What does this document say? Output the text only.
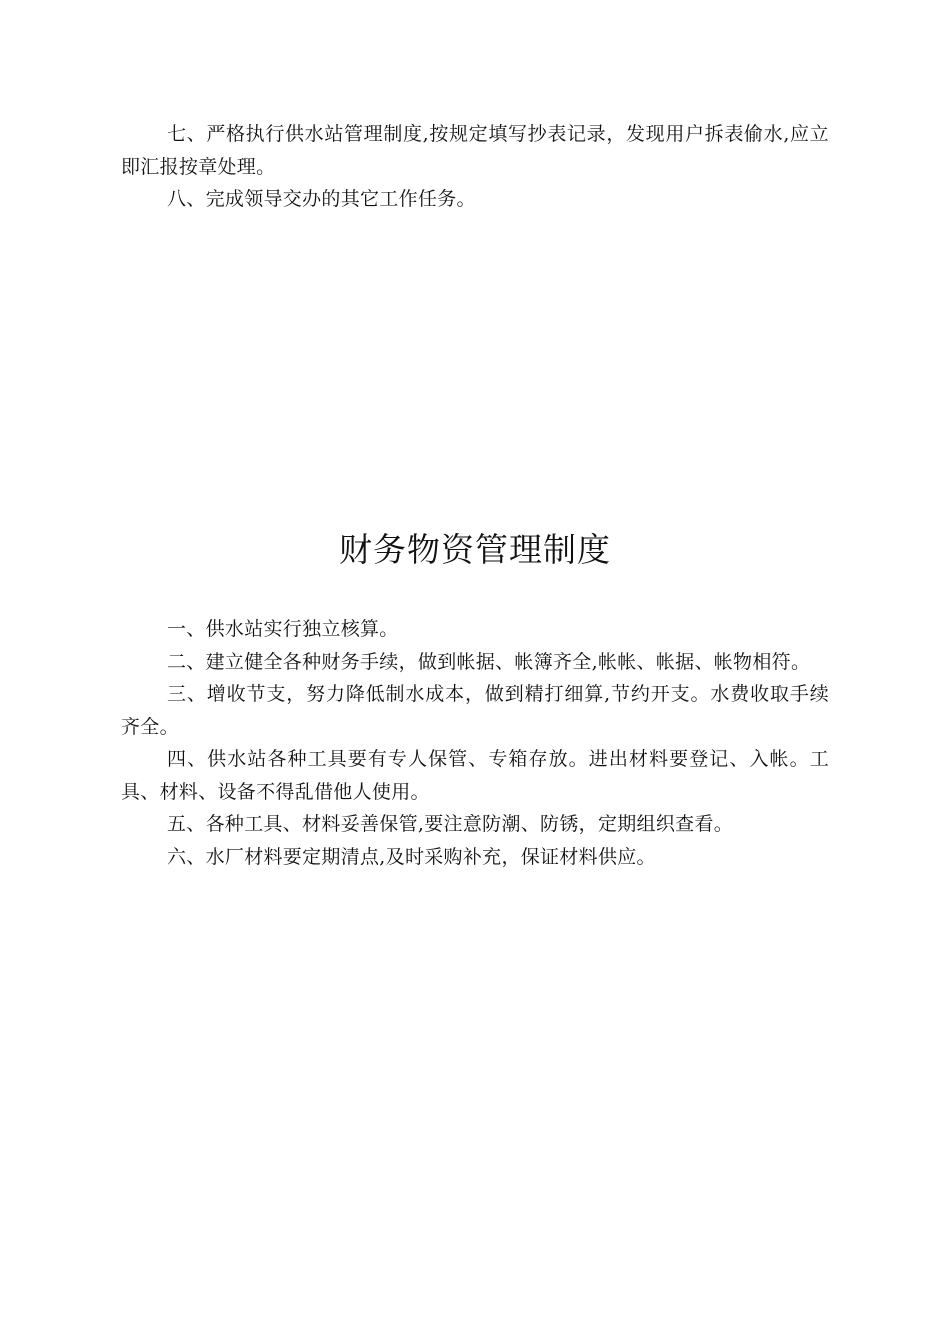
七、严格执行供水站管理制度,按规定填写抄表记录，发现用户拆表偷水,应立即汇报按章处理。

八、完成领导交办的其它工作任务。

财务物资管理制度

一、供水站实行独立核算。

二、建立健全各种财务手续，做到帐据、帐簿齐全,帐帐、帐据、帐物相符。

三、增收节支，努力降低制水成本，做到精打细算,节约开支。水费收取手续齐全。

四、供水站各种工具要有专人保管、专箱存放。进出材料要登记、入帐。工具、材料、设备不得乱借他人使用。

五、各种工具、材料妥善保管,要注意防潮、防锈，定期组织查看。

六、水厂材料要定期清点,及时采购补充，保证材料供应。
